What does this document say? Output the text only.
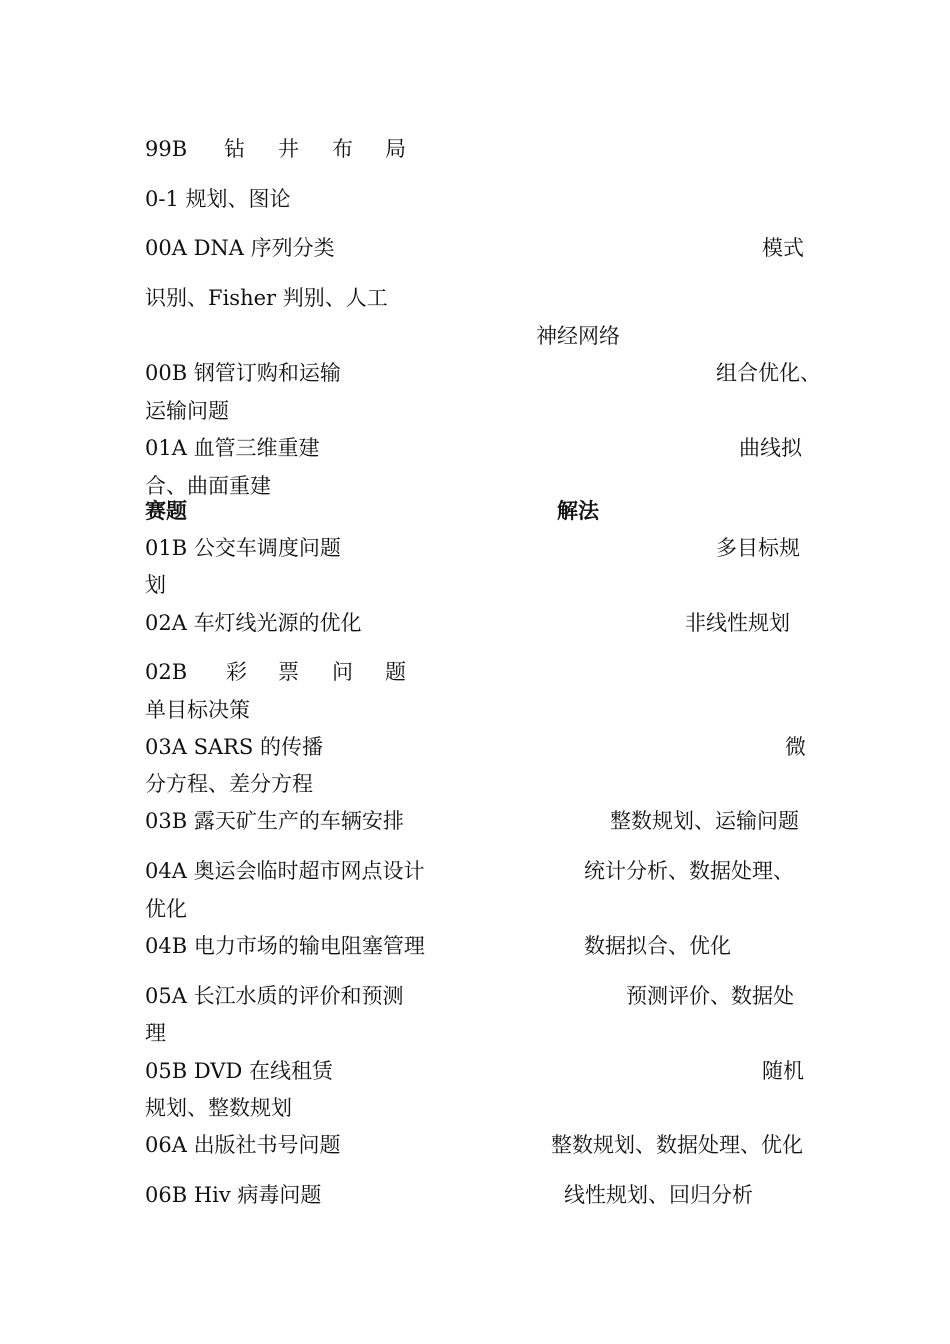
99B 钻 井 布 局
0-1 规划、图论
00A DNA 序列分类	模式
识别、Fisher 判别、人工
神经网络
00B 钢管订购和运输	组合优化、
运输问题
01A 血管三维重建	曲线拟
合、曲面重建
赛题	解法
01B 公交车调度问题	多目标规
划
02A 车灯线光源的优化	非线性规划
02B 彩 票 问 题
单目标决策
03A SARS 的传播	微
分方程、差分方程
03B 露天矿生产的车辆安排	整数规划、运输问题
04A 奥运会临时超市网点设计	统计分析、数据处理、
优化
04B 电力市场的输电阻塞管理	数据拟合、优化
05A 长江水质的评价和预测	预测评价、数据处
理
05B DVD 在线租赁	随机
规划、整数规划
06A 出版社书号问题	整数规划、数据处理、优化
06B Hiv 病毒问题	线性规划、回归分析
